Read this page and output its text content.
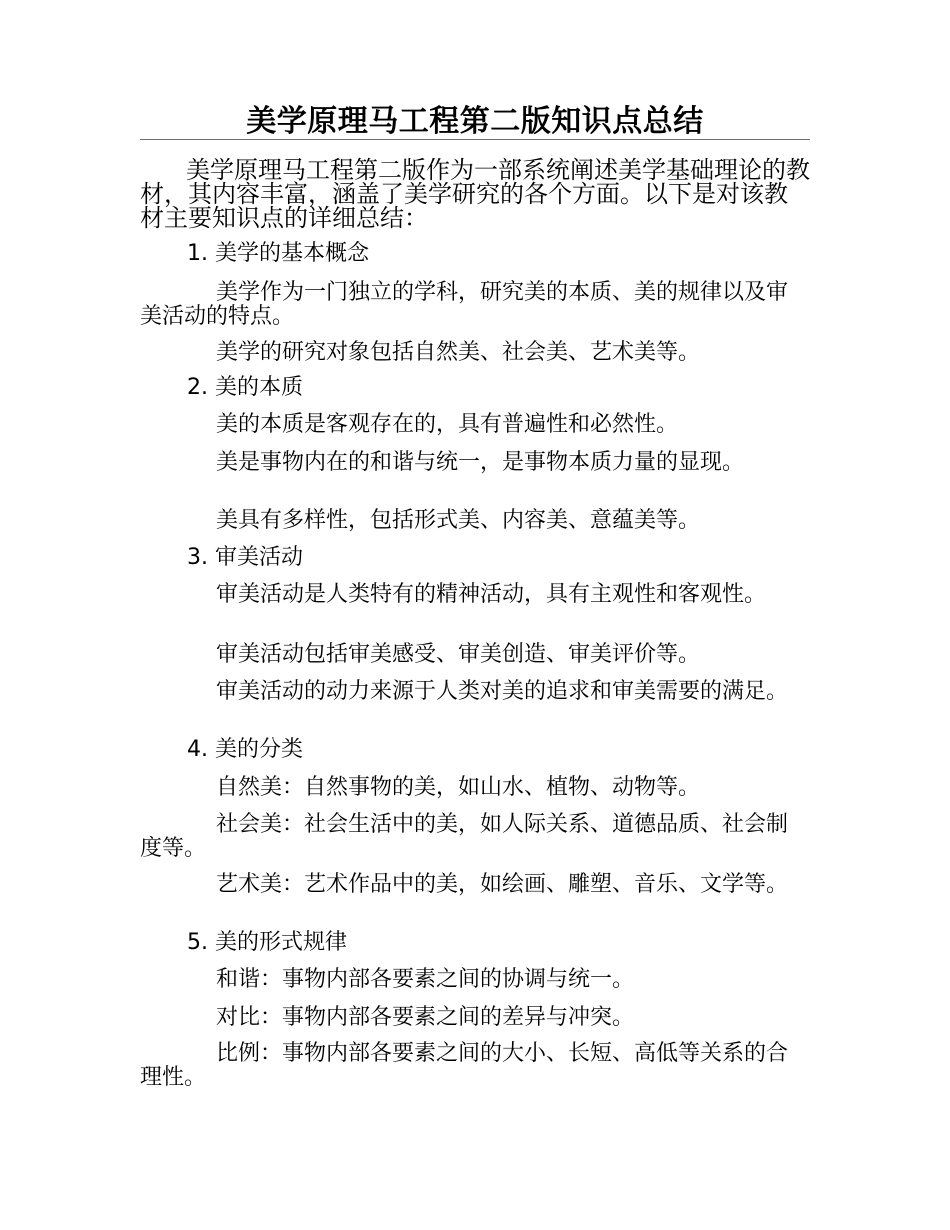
美学原理马工程第二版知识点总结

美学原理马工程第二版作为一部系统阐述美学基础理论的教材，其内容丰富，涵盖了美学研究的各个方面。以下是对该教材主要知识点的详细总结：

1. 美学的基本概念

美学作为一门独立的学科，研究美的本质、美的规律以及审美活动的特点。

美学的研究对象包括自然美、社会美、艺术美等。

2. 美的本质

美的本质是客观存在的，具有普遍性和必然性。

美是事物内在的和谐与统一，是事物本质力量的显现。

美具有多样性，包括形式美、内容美、意蕴美等。

3. 审美活动

审美活动是人类特有的精神活动，具有主观性和客观性。

审美活动包括审美感受、审美创造、审美评价等。

审美活动的动力来源于人类对美的追求和审美需要的满足。

4. 美的分类

自然美：自然事物的美，如山水、植物、动物等。

社会美：社会生活中的美，如人际关系、道德品质、社会制度等。

艺术美：艺术作品中的美，如绘画、雕塑、音乐、文学等。

5. 美的形式规律

和谐：事物内部各要素之间的协调与统一。

对比：事物内部各要素之间的差异与冲突。

比例：事物内部各要素之间的大小、长短、高低等关系的合理性。
